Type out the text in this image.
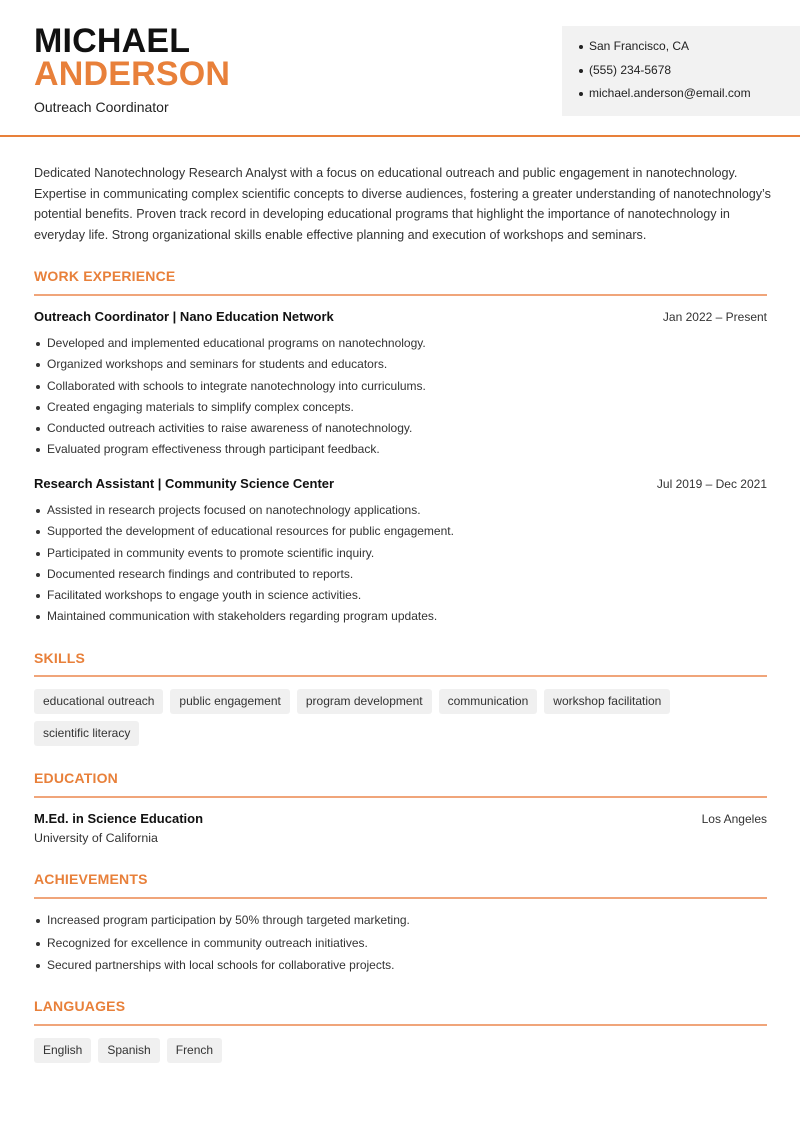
MICHAEL
ANDERSON
Outreach Coordinator
San Francisco, CA
(555) 234-5678
michael.anderson@email.com

Dedicated Nanotechnology Research Analyst with a focus on educational outreach and public engagement in nanotechnology. Expertise in communicating complex scientific concepts to diverse audiences, fostering a greater understanding of nanotechnology’s potential benefits. Proven track record in developing educational programs that highlight the importance of nanotechnology in everyday life. Strong organizational skills enable effective planning and execution of workshops and seminars.

WORK EXPERIENCE
Outreach Coordinator | Nano Education Network	Jan 2022 – Present
Developed and implemented educational programs on nanotechnology.
Organized workshops and seminars for students and educators.
Collaborated with schools to integrate nanotechnology into curriculums.
Created engaging materials to simplify complex concepts.
Conducted outreach activities to raise awareness of nanotechnology.
Evaluated program effectiveness through participant feedback.
Research Assistant | Community Science Center	Jul 2019 – Dec 2021
Assisted in research projects focused on nanotechnology applications.
Supported the development of educational resources for public engagement.
Participated in community events to promote scientific inquiry.
Documented research findings and contributed to reports.
Facilitated workshops to engage youth in science activities.
Maintained communication with stakeholders regarding program updates.
SKILLS
educational outreach	public engagement	program development	communication	workshop facilitation
scientific literacy
EDUCATION
M.Ed. in Science Education	Los Angeles
University of California
ACHIEVEMENTS
Increased program participation by 50% through targeted marketing.
Recognized for excellence in community outreach initiatives.
Secured partnerships with local schools for collaborative projects.
LANGUAGES
English	Spanish	French
